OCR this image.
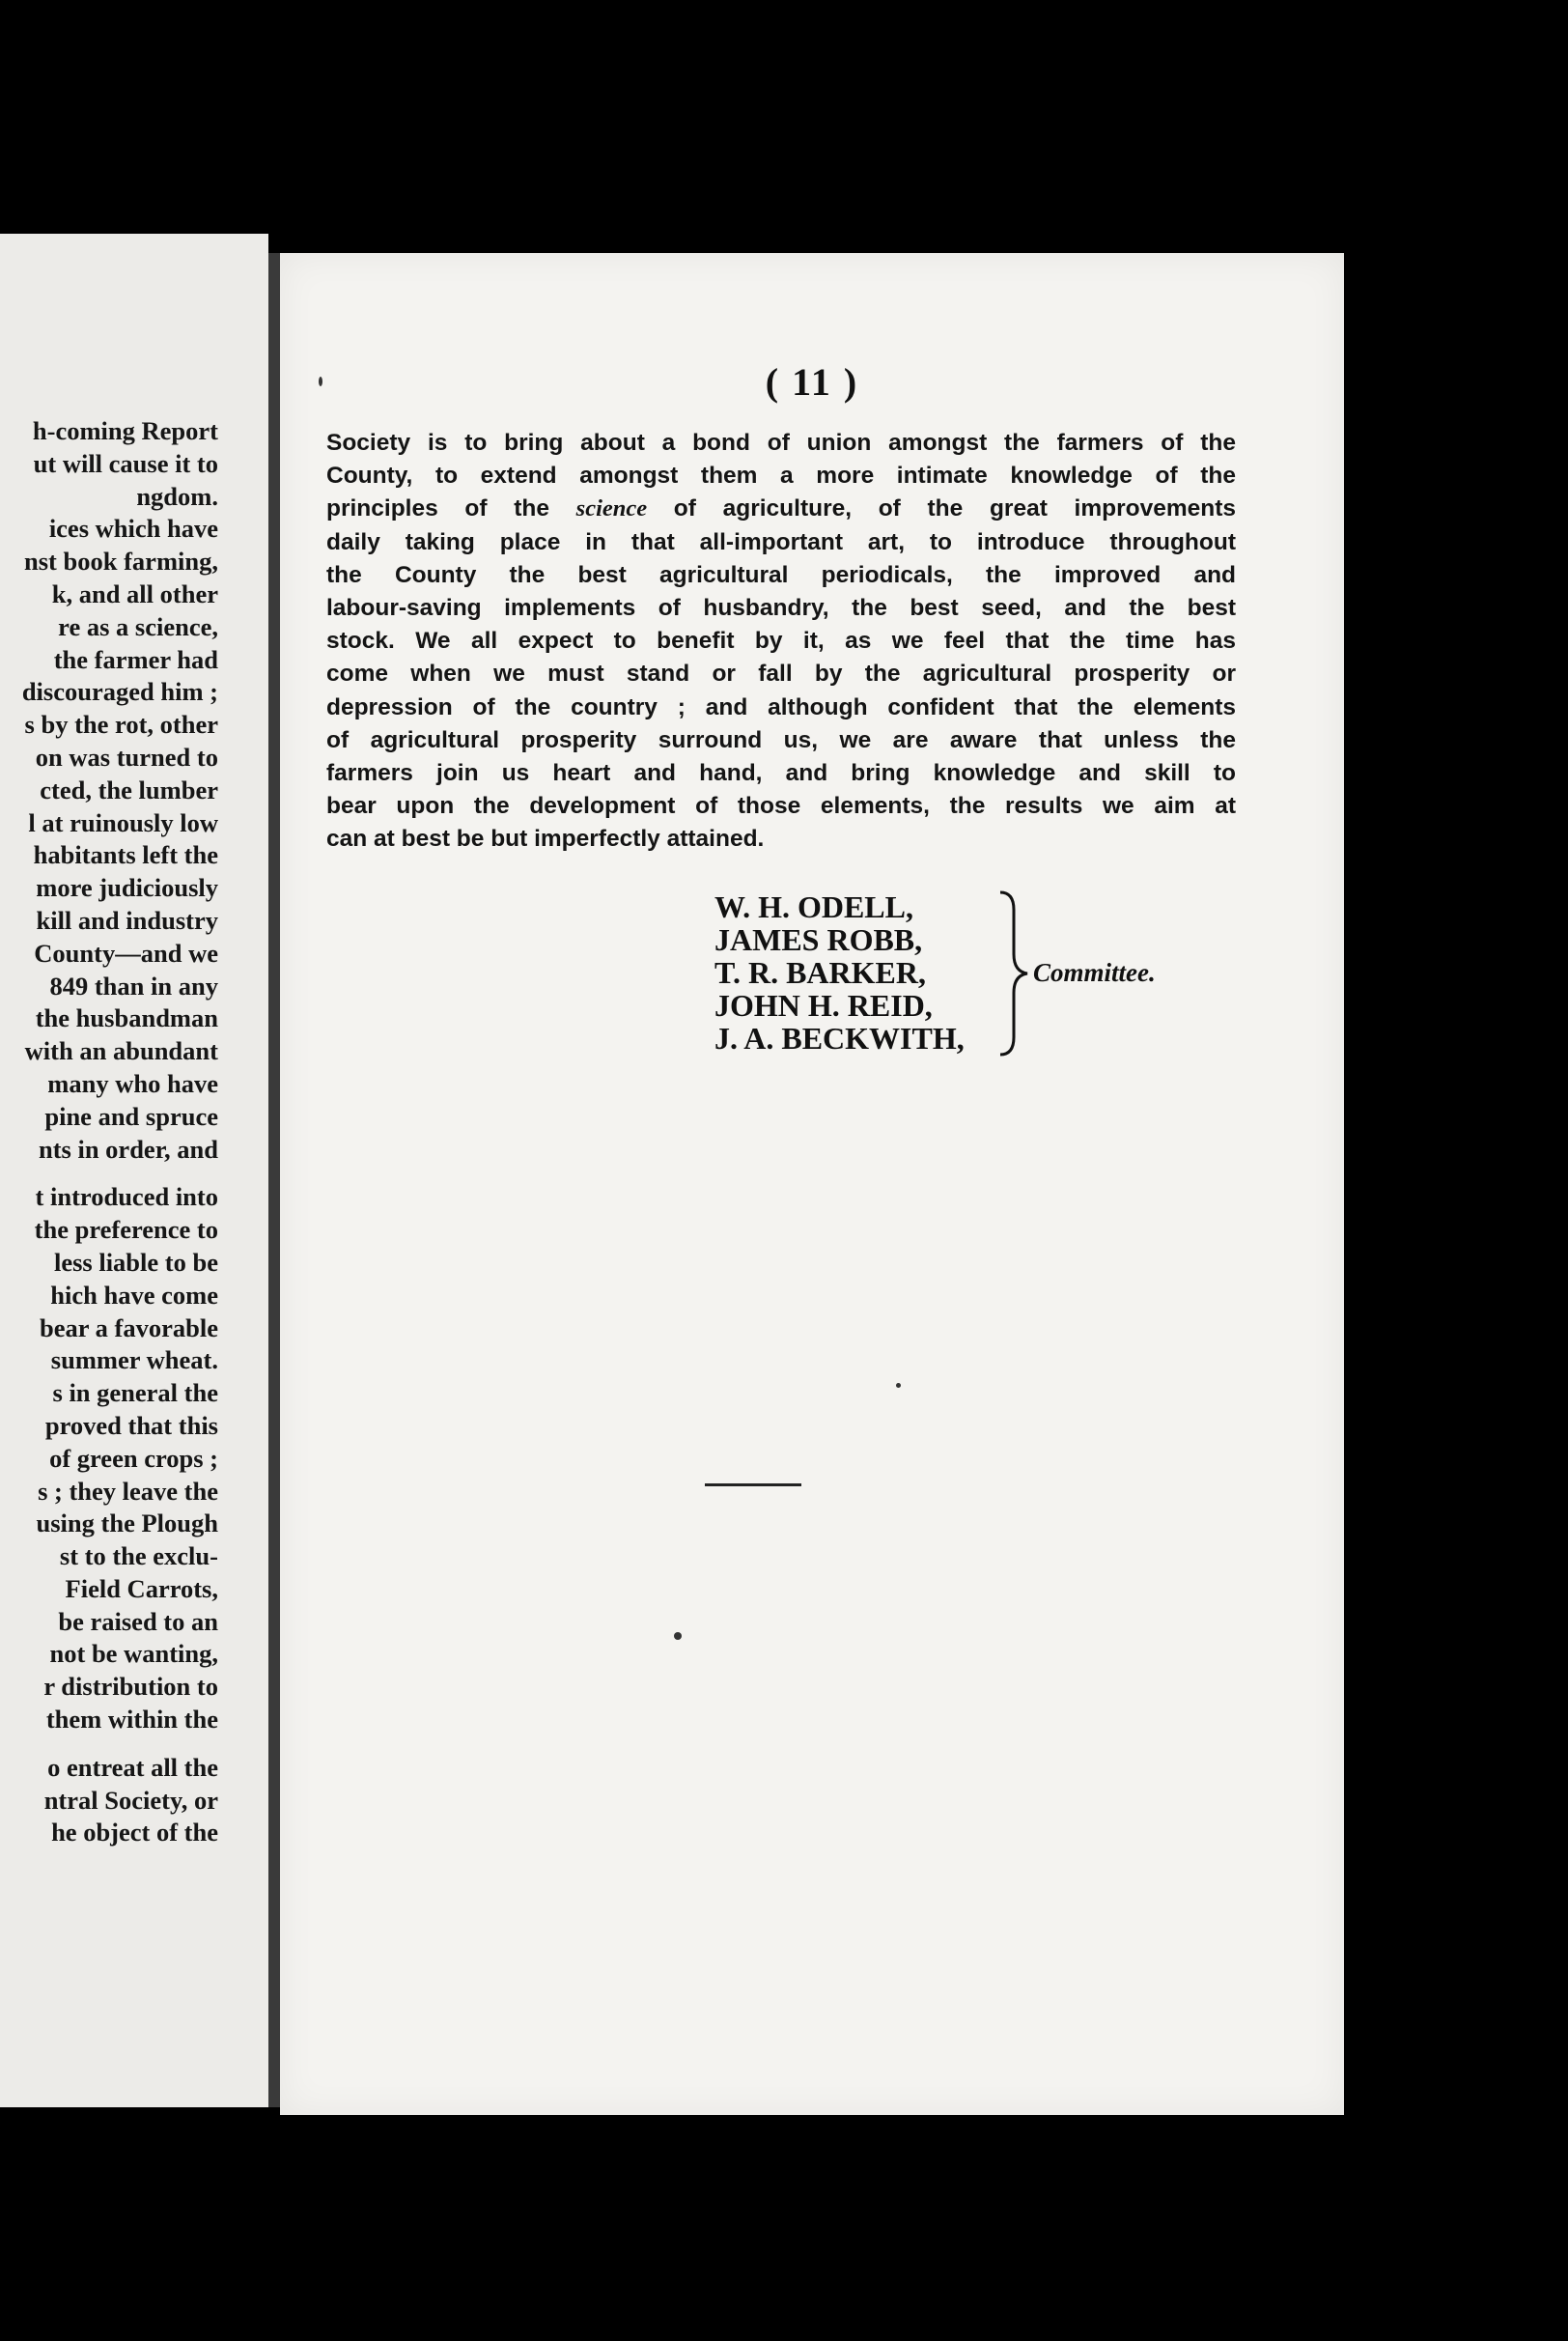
h-coming Report
ut will cause it to
ngdom.
ices which have
nst book farming,
k, and all other
re as a science,
the farmer had
discouraged him ;
s by the rot, other
on was turned to
cted, the lumber
l at ruinously low
habitants left the
more judiciously
kill and industry
County—and we
849 than in any
the husbandman
with an abundant
many who have
pine and spruce
nts in order, and
t introduced into
the preference to
less liable to be
hich have come
bear a favorable
summer wheat.
s in general the
proved that this
of green crops ;
s ; they leave the
using the Plough
st to the exclu-
Field Carrots,
be raised to an
not be wanting,
r distribution to
them within the
o entreat all the
ntral Society, or
he object of the
( 11 )
Society is to bring about a bond of union amongst the farmers of the
County, to extend amongst them a more intimate knowledge of the
principles of the science of agriculture, of the great improvements
daily taking place in that all-important art, to introduce throughout
the County the best agricultural periodicals, the improved and
labour-saving implements of husbandry, the best seed, and the best
stock. We all expect to benefit by it, as we feel that the time has
come when we must stand or fall by the agricultural prosperity or
depression of the country ; and although confident that the elements
of agricultural prosperity surround us, we are aware that unless the
farmers join us heart and hand, and bring knowledge and skill to
bear upon the development of those elements, the results we aim at
can at best be but imperfectly attained.
W. H. ODELL,
JAMES ROBB,
T. R. BARKER,
JOHN H. REID,
J. A. BECKWITH,
Committee.
